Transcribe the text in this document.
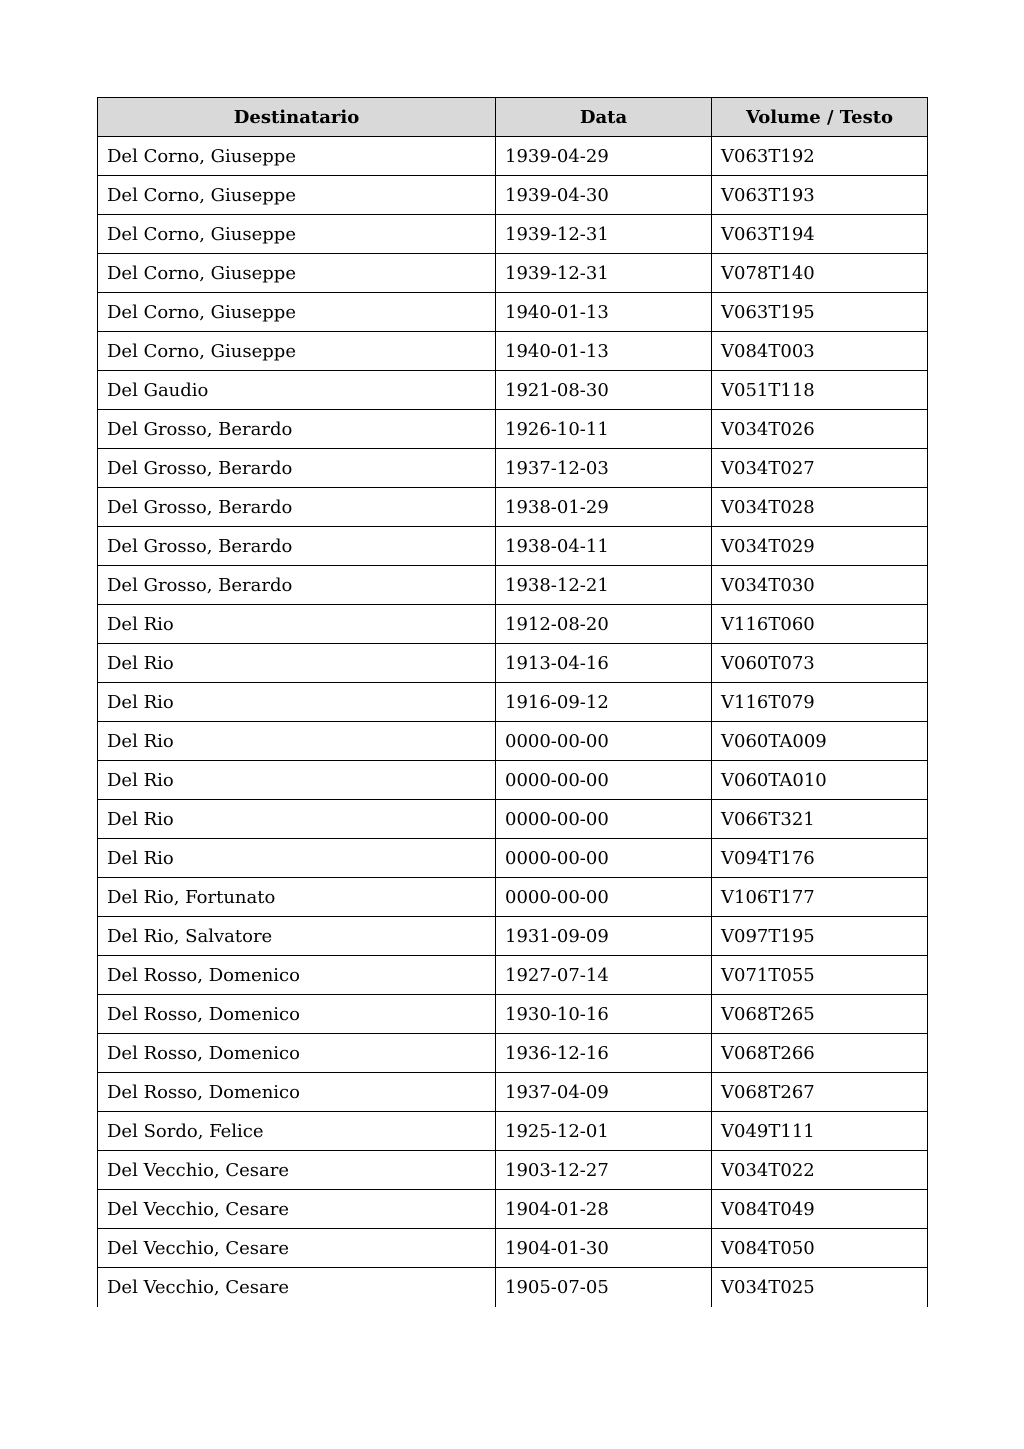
Destinatario	Data	Volume / Testo
Del Corno, Giuseppe	1939-04-29	V063T192
Del Corno, Giuseppe	1939-04-30	V063T193
Del Corno, Giuseppe	1939-12-31	V063T194
Del Corno, Giuseppe	1939-12-31	V078T140
Del Corno, Giuseppe	1940-01-13	V063T195
Del Corno, Giuseppe	1940-01-13	V084T003
Del Gaudio	1921-08-30	V051T118
Del Grosso, Berardo	1926-10-11	V034T026
Del Grosso, Berardo	1937-12-03	V034T027
Del Grosso, Berardo	1938-01-29	V034T028
Del Grosso, Berardo	1938-04-11	V034T029
Del Grosso, Berardo	1938-12-21	V034T030
Del Rio	1912-08-20	V116T060
Del Rio	1913-04-16	V060T073
Del Rio	1916-09-12	V116T079
Del Rio	0000-00-00	V060TA009
Del Rio	0000-00-00	V060TA010
Del Rio	0000-00-00	V066T321
Del Rio	0000-00-00	V094T176
Del Rio, Fortunato	0000-00-00	V106T177
Del Rio, Salvatore	1931-09-09	V097T195
Del Rosso, Domenico	1927-07-14	V071T055
Del Rosso, Domenico	1930-10-16	V068T265
Del Rosso, Domenico	1936-12-16	V068T266
Del Rosso, Domenico	1937-04-09	V068T267
Del Sordo, Felice	1925-12-01	V049T111
Del Vecchio, Cesare	1903-12-27	V034T022
Del Vecchio, Cesare	1904-01-28	V084T049
Del Vecchio, Cesare	1904-01-30	V084T050
Del Vecchio, Cesare	1905-07-05	V034T025
